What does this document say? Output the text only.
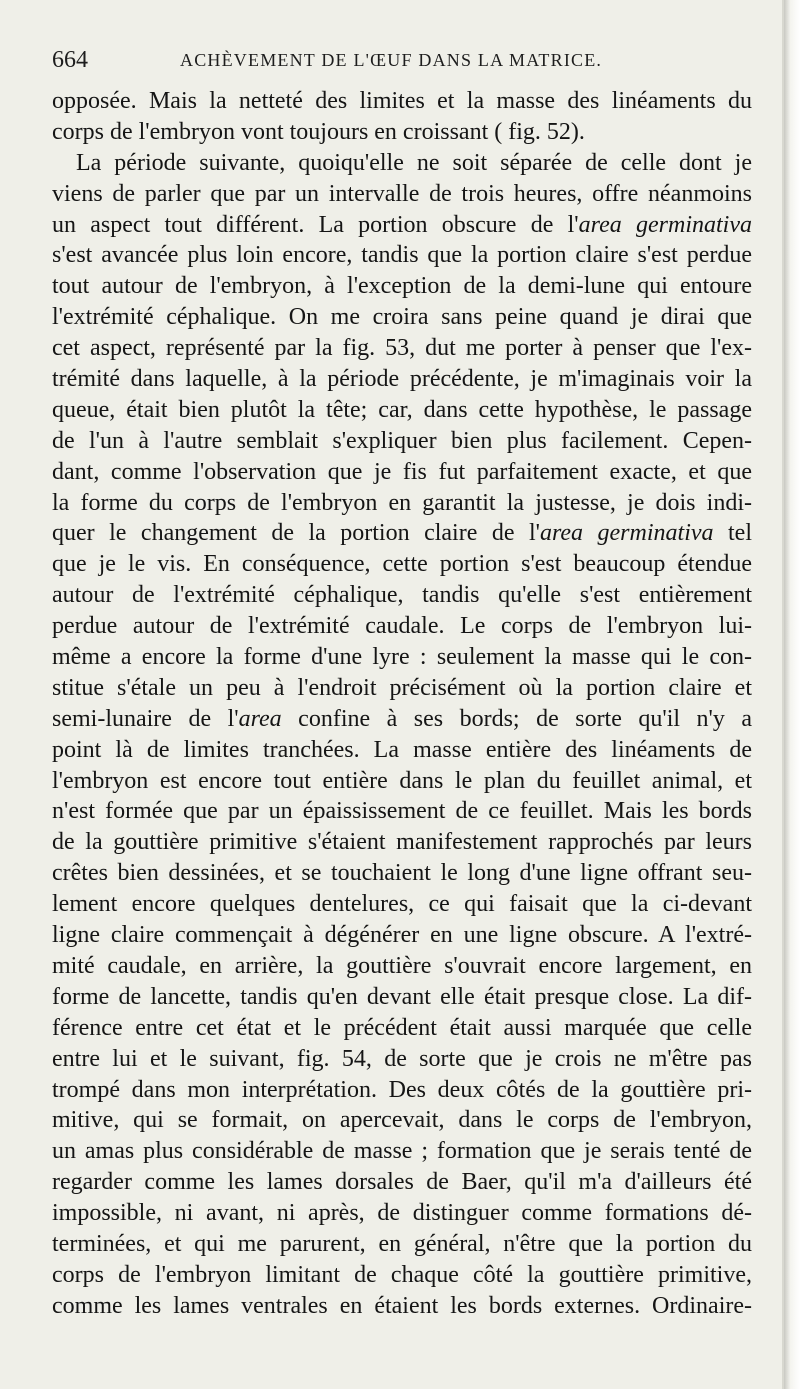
664	ACHÈVEMENT DE L'ŒUF DANS LA MATRICE.
opposée. Mais la netteté des limites et la masse des linéaments du
corps de l'embryon vont toujours en croissant ( fig. 52).
La période suivante, quoiqu'elle ne soit séparée de celle dont je
viens de parler que par un intervalle de trois heures, offre néanmoins
un aspect tout différent. La portion obscure de l'area germinativa
s'est avancée plus loin encore, tandis que la portion claire s'est perdue
tout autour de l'embryon, à l'exception de la demi-lune qui entoure
l'extrémité céphalique. On me croira sans peine quand je dirai que
cet aspect, représenté par la fig. 53, dut me porter à penser que l'ex-
trémité dans laquelle, à la période précédente, je m'imaginais voir la
queue, était bien plutôt la tête; car, dans cette hypothèse, le passage
de l'un à l'autre semblait s'expliquer bien plus facilement. Cepen-
dant, comme l'observation que je fis fut parfaitement exacte, et que
la forme du corps de l'embryon en garantit la justesse, je dois indi-
quer le changement de la portion claire de l'area germinativa tel
que je le vis. En conséquence, cette portion s'est beaucoup étendue
autour de l'extrémité céphalique, tandis qu'elle s'est entièrement
perdue autour de l'extrémité caudale. Le corps de l'embryon lui-
même a encore la forme d'une lyre : seulement la masse qui le con-
stitue s'étale un peu à l'endroit précisément où la portion claire et
semi-lunaire de l'area confine à ses bords; de sorte qu'il n'y a
point là de limites tranchées. La masse entière des linéaments de
l'embryon est encore tout entière dans le plan du feuillet animal, et
n'est formée que par un épaississement de ce feuillet. Mais les bords
de la gouttière primitive s'étaient manifestement rapprochés par leurs
crêtes bien dessinées, et se touchaient le long d'une ligne offrant seu-
lement encore quelques dentelures, ce qui faisait que la ci-devant
ligne claire commençait à dégénérer en une ligne obscure. A l'extré-
mité caudale, en arrière, la gouttière s'ouvrait encore largement, en
forme de lancette, tandis qu'en devant elle était presque close. La dif-
férence entre cet état et le précédent était aussi marquée que celle
entre lui et le suivant, fig. 54, de sorte que je crois ne m'être pas
trompé dans mon interprétation. Des deux côtés de la gouttière pri-
mitive, qui se formait, on apercevait, dans le corps de l'embryon,
un amas plus considérable de masse ; formation que je serais tenté de
regarder comme les lames dorsales de Baer, qu'il m'a d'ailleurs été
impossible, ni avant, ni après, de distinguer comme formations dé-
terminées, et qui me parurent, en général, n'être que la portion du
corps de l'embryon limitant de chaque côté la gouttière primitive,
comme les lames ventrales en étaient les bords externes. Ordinaire-
